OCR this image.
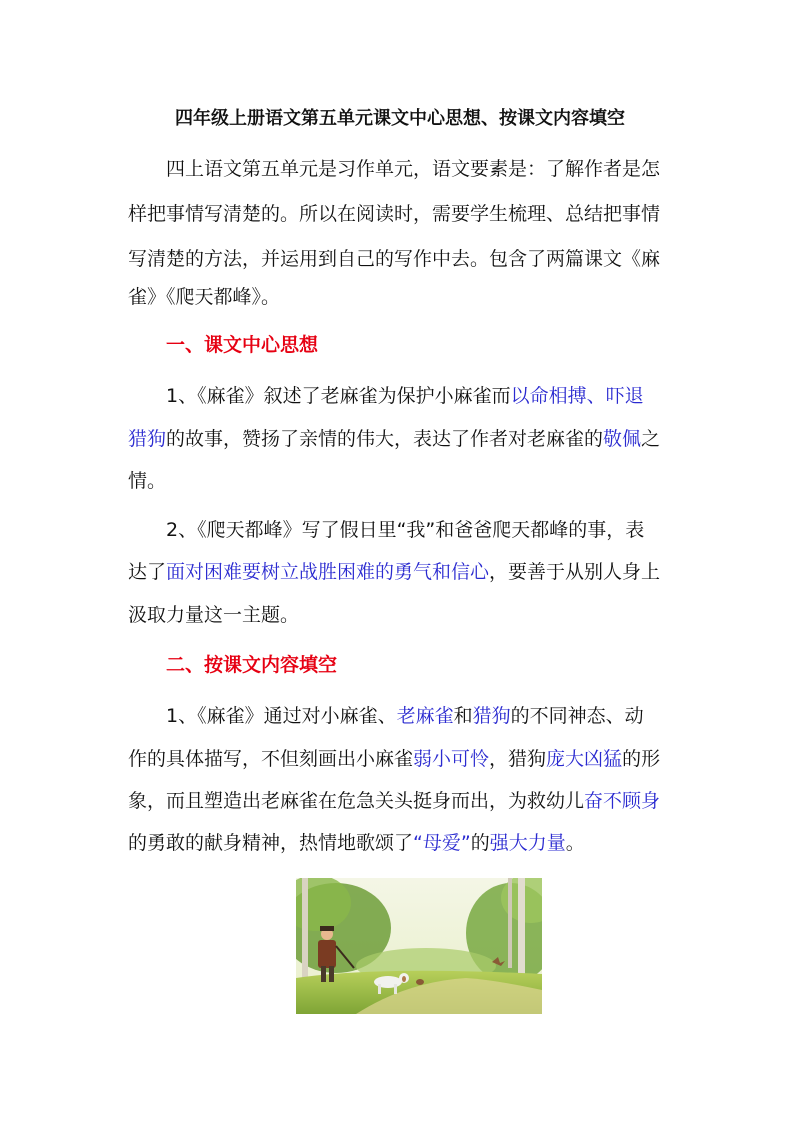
四年级上册语文第五单元课文中心思想、按课文内容填空
四上语文第五单元是习作单元，语文要素是：了解作者是怎
样把事情写清楚的。所以在阅读时，需要学生梳理、总结把事情
写清楚的方法，并运用到自己的写作中去。包含了两篇课文《麻
雀》《爬天都峰》。
一、课文中心思想
1、《麻雀》叙述了老麻雀为保护小麻雀而以命相搏、吓退
猎狗的故事，赞扬了亲情的伟大，表达了作者对老麻雀的敬佩之
情。
2、《爬天都峰》写了假日里“我”和爸爸爬天都峰的事，表
达了面对困难要树立战胜困难的勇气和信心，要善于从别人身上
汲取力量这一主题。
二、按课文内容填空
1、《麻雀》通过对小麻雀、老麻雀和猎狗的不同神态、动
作的具体描写，不但刻画出小麻雀弱小可怜，猎狗庞大凶猛的形
象，而且塑造出老麻雀在危急关头挺身而出，为救幼儿奋不顾身
的勇敢的献身精神，热情地歌颂了“母爱”的强大力量。
